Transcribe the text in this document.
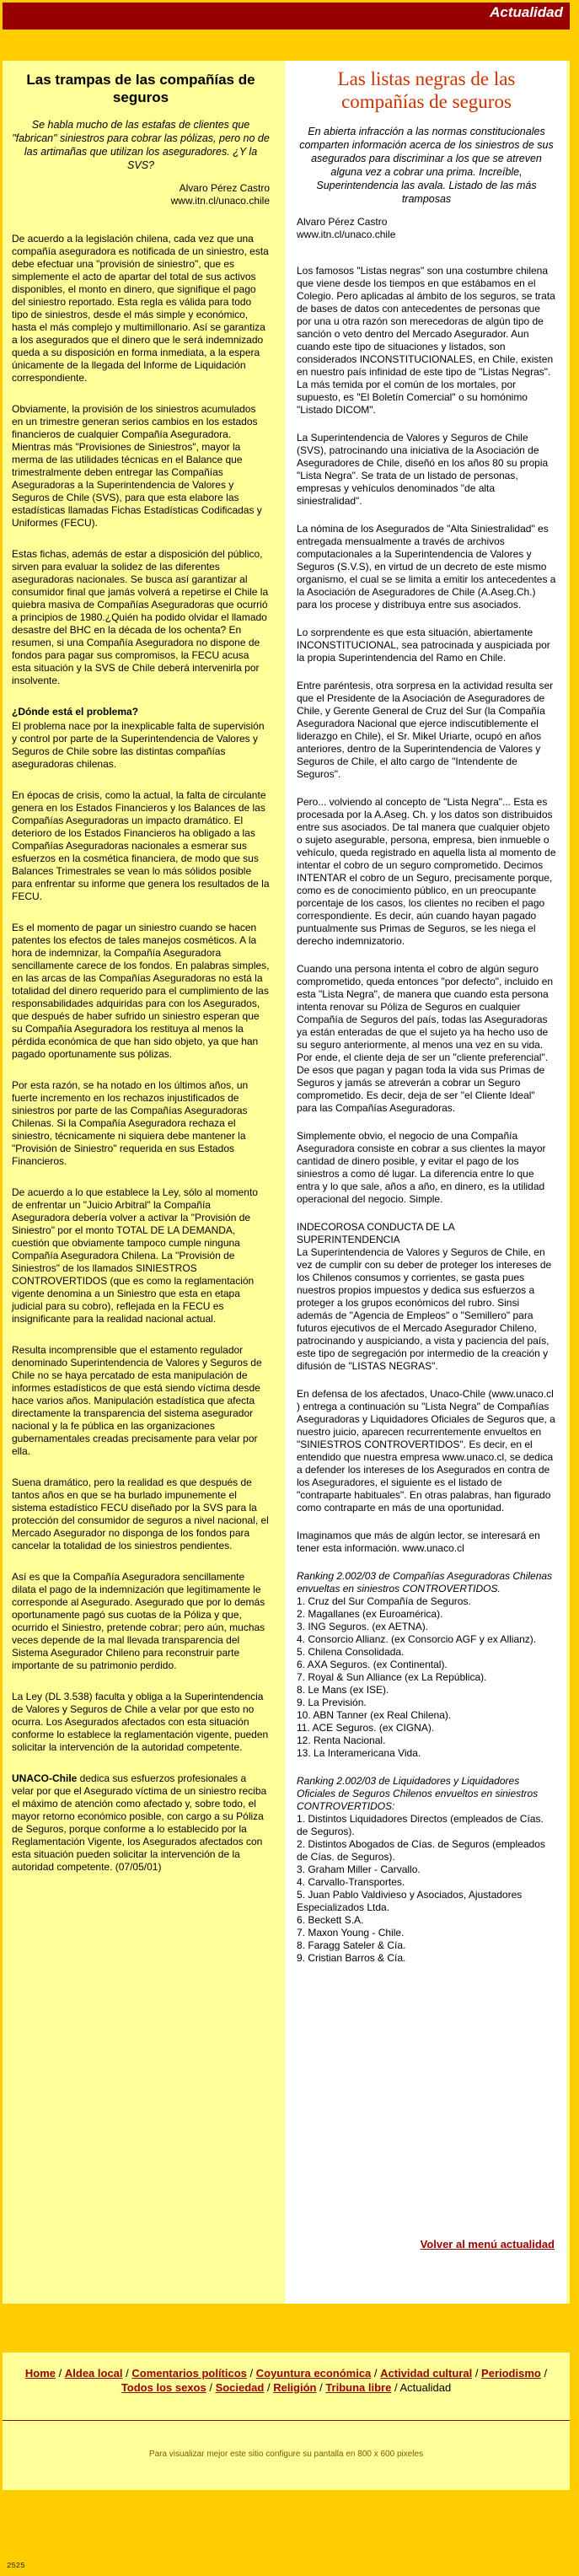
Actualidad
Las trampas de las compañías de seguros
Se habla mucho de las estafas de clientes que "fabrican" siniestros para cobrar las pólizas, pero no de las artimañas que utilizan los aseguradores. ¿Y la SVS?
Alvaro Pérez Castro
www.itn.cl/unaco.chile

De acuerdo a la legislación chilena, cada vez que una compañía aseguradora es notificada de un siniestro, esta debe efectuar una "provisión de siniestro", que es simplemente el acto de apartar del total de sus activos disponibles, el monto en dinero, que signifique el pago del siniestro reportado. Esta regla es válida para todo tipo de siniestros, desde el más simple y económico, hasta el más complejo y multimillonario. Así se garantiza a los asegurados que el dinero que le será indemnizado queda a su disposición en forma inmediata, a la espera únicamente de la llegada del Informe de Liquidación correspondiente.

Obviamente, la provisión de los siniestros acumulados en un trimestre generan serios cambios en los estados financieros de cualquier Compañía Aseguradora. Mientras más "Provisiones de Siniestros", mayor la merma de las utilidades técnicas en el Balance que trimestralmente deben entregar las Compañías Aseguradoras a la Superintendencia de Valores y Seguros de Chile (SVS), para que esta elabore las estadísticas llamadas Fichas Estadísticas Codificadas y Uniformes (FECU).

Estas fichas, además de estar a disposición del público, sirven para evaluar la solidez de las diferentes aseguradoras nacionales. Se busca así garantizar al consumidor final que jamás volverá a repetirse el Chile la quiebra masiva de Compañías Aseguradoras que ocurrió a principios de 1980.¿Quién ha podido olvidar el llamado desastre del BHC en la década de los ochenta? En resumen, si una Compañía Aseguradora no dispone de fondos para pagar sus compromisos, la FECU acusa esta situación y la SVS de Chile deberá intervenirla por insolvente.

¿Dónde está el problema?

El problema nace por la inexplicable falta de supervisión y control por parte de la Superintendencia de Valores y Seguros de Chile sobre las distintas compañías aseguradoras chilenas.

En épocas de crisis, como la actual, la falta de circulante genera en los Estados Financieros y los Balances de las Compañías Aseguradoras un impacto dramático. El deterioro de los Estados Financieros ha obligado a las Compañías Aseguradoras nacionales a esmerar sus esfuerzos en la cosmética financiera, de modo que sus Balances Trimestrales se vean lo más sólidos posible para enfrentar su informe que genera los resultados de la FECU.

Es el momento de pagar un siniestro cuando se hacen patentes los efectos de tales manejos cosméticos. A la hora de indemnizar, la Compañía Aseguradora sencillamente carece de los fondos. En palabras simples, en las arcas de las Compañías Aseguradoras no está la totalidad del dinero requerido para el cumplimiento de las responsabilidades adquiridas para con los Asegurados, que después de haber sufrido un siniestro esperan que su Compañía Aseguradora los restituya al menos la pérdida económica de que han sido objeto, ya que han pagado oportunamente sus pólizas.

Por esta razón, se ha notado en los últimos años, un fuerte incremento en los rechazos injustificados de siniestros por parte de las Compañías Aseguradoras Chilenas. Si la Compañía Aseguradora rechaza el siniestro, técnicamente ni siquiera debe mantener la "Provisión de Siniestro" requerida en sus Estados Financieros.

De acuerdo a lo que establece la Ley, sólo al momento de enfrentar un "Juicio Arbitral" la Compañía Aseguradora debería volver a activar la "Provisión de Siniestro" por el monto TOTAL DE LA DEMANDA, cuestión que obviamente tampoco cumple ninguna Compañía Aseguradora Chilena. La "Provisión de Siniestros" de los llamados SINIESTROS CONTROVERTIDOS (que es como la reglamentación vigente denomina a un Siniestro que esta en etapa judicial para su cobro), reflejada en la FECU es insignificante para la realidad nacional actual.

Resulta incomprensible que el estamento regulador denominado Superintendencia de Valores y Seguros de Chile no se haya percatado de esta manipulación de informes estadísticos de que está siendo víctima desde hace varios años. Manipulación estadística que afecta directamente la transparencia del sistema asegurador nacional y la fe pública en las organizaciones gubernamentales creadas precisamente para velar por ella.

Suena dramático, pero la realidad es que después de tantos años en que se ha burlado impunemente el sistema estadístico FECU diseñado por la SVS para la protección del consumidor de seguros a nivel nacional, el Mercado Asegurador no disponga de los fondos para cancelar la totalidad de los siniestros pendientes.

Así es que la Compañía Aseguradora sencillamente dilata el pago de la indemnización que legítimamente le corresponde al Asegurado. Asegurado que por lo demás oportunamente pagó sus cuotas de la Póliza y que, ocurrido el Siniestro, pretende cobrar; pero aún, muchas veces depende de la mal llevada transparencia del Sistema Asegurador Chileno para reconstruir parte importante de su patrimonio perdido.

La Ley (DL 3.538) faculta y obliga a la Superintendencia de Valores y Seguros de Chile a velar por que esto no ocurra. Los Asegurados afectados con esta situación conforme lo establece la reglamentación vigente, pueden solicitar la intervención de la autoridad competente.

UNACO-Chile dedica sus esfuerzos profesionales a velar por que el Asegurado víctima de un siniestro reciba el máximo de atención como afectado y, sobre todo, el mayor retorno económico posible, con cargo a su Póliza de Seguros, porque conforme a lo establecido por la Reglamentación Vigente, los Asegurados afectados con esta situación pueden solicitar la intervención de la autoridad competente. (07/05/01)

Las listas negras de las compañías de seguros
En abierta infracción a las normas constitucionales comparten información acerca de los siniestros de sus asegurados para discriminar a los que se atreven alguna vez a cobrar una prima. Increíble, Superintendencia las avala. Listado de las más tramposas
Alvaro Pérez Castro
www.itn.cl/unaco.chile

Los famosos "Listas negras" son una costumbre chilena que viene desde los tiempos en que estábamos en el Colegio. Pero aplicadas al ámbito de los seguros, se trata de bases de datos con antecedentes de personas que por una u otra razón son merecedoras de algún tipo de sanción o veto dentro del Mercado Asegurador. Aun cuando este tipo de situaciones y listados, son considerados INCONSTITUCIONALES, en Chile, existen en nuestro país infinidad de este tipo de "Listas Negras". La más temida por el común de los mortales, por supuesto, es "El Boletín Comercial" o su homónimo "Listado DICOM".

La Superintendencia de Valores y Seguros de Chile (SVS), patrocinando una iniciativa de la Asociación de Aseguradores de Chile, diseñó en los años 80 su propia "Lista Negra". Se trata de un listado de personas, empresas y vehículos denominados "de alta siniestralidad".

La nómina de los Asegurados de "Alta Siniestralidad" es entregada mensualmente a través de archivos computacionales a la Superintendencia de Valores y Seguros (S.V.S), en virtud de un decreto de este mismo organismo, el cual se se limita a emitir los antecedentes a la Asociación de Aseguradores de Chile (A.Aseg.Ch.) para los procese y distribuya entre sus asociados.

Lo sorprendente es que esta situación, abiertamente INCONSTITUCIONAL, sea patrocinada y auspiciada por la propia Superintendencia del Ramo en Chile.

Entre paréntesis, otra sorpresa en la actividad resulta ser que el Presidente de la Asociación de Aseguradores de Chile, y Gerente General de Cruz del Sur (la Compañía Aseguradora Nacional que ejerce indiscutiblemente el liderazgo en Chile), el Sr. Mikel Uriarte, ocupó en años anteriores, dentro de la Superintendencia de Valores y Seguros de Chile, el alto cargo de "Intendente de Seguros".

Pero... volviendo al concepto de "Lista Negra"... Esta es procesada por la A.Aseg. Ch. y los datos son distribuidos entre sus asociados. De tal manera que cualquier objeto o sujeto asegurable, persona, empresa, bien inmueble o vehículo, queda registrado en aquella lista al momento de intentar el cobro de un seguro comprometido. Decimos INTENTAR el cobro de un Seguro, precisamente porque, como es de conocimiento público, en un preocupante porcentaje de los casos, los clientes no reciben el pago correspondiente. Es decir, aún cuando hayan pagado puntualmente sus Primas de Seguros, se les niega el derecho indemnizatorio.

Cuando una persona intenta el cobro de algún seguro comprometido, queda entonces "por defecto", incluido en esta "Lista Negra", de manera que cuando esta persona intenta renovar su Póliza de Seguros en cualquier Compañía de Seguros del país, todas las Aseguradoras ya están enteradas de que el sujeto ya ha hecho uso de su seguro anteriormente, al menos una vez en su vida. Por ende, el cliente deja de ser un "cliente preferencial". De esos que pagan y pagan toda la vida sus Primas de Seguros y jamás se atreverán a cobrar un Seguro comprometido. Es decir, deja de ser "el Cliente Ideal" para las Compañías Aseguradoras.

Simplemente obvio, el negocio de una Compañía Aseguradora consiste en cobrar a sus clientes la mayor cantidad de dinero posible, y evitar el pago de los siniestros a como dé lugar. La diferencia entre lo que entra y lo que sale, años a año, en dinero, es la utilidad operacional del negocio. Simple.

INDECOROSA CONDUCTA DE LA SUPERINTENDENCIA
La Superintendencia de Valores y Seguros de Chile, en vez de cumplir con su deber de proteger los intereses de los Chilenos consumos y corrientes, se gasta pues nuestros propios impuestos y dedica sus esfuerzos a proteger a los grupos económicos del rubro. Sinsi además de "Agencia de Empleos" o "Semillero" para futuros ejecutivos de el Mercado Asegurador Chileno, patrocinando y auspiciando, a vista y paciencia del país, este tipo de segregación por intermedio de la creación y difusión de "LISTAS NEGRAS".

En defensa de los afectados, Unaco-Chile (www.unaco.cl ) entrega a continuación su "Lista Negra" de Compañías Aseguradoras y Liquidadores Oficiales de Seguros que, a nuestro juicio, aparecen recurrentemente envueltos en "SINIESTROS CONTROVERTIDOS". Es decir, en el entendido que nuestra empresa www.unaco.cl, se dedica a defender los intereses de los Asegurados en contra de los Aseguradores, el siguiente es el listado de "contraparte habituales". En otras palabras, han figurado como contraparte en más de una oportunidad.

Imaginamos que más de algún lector, se interesará en tener esta información. www.unaco.cl

Ranking 2.002/03 de Compañías Aseguradoras Chilenas envueltas en siniestros CONTROVERTIDOS.
1. Cruz del Sur Compañía de Seguros.
2. Magallanes (ex Euroamérica).
3. ING Seguros. (ex AETNA).
4. Consorcio Allianz. (ex Consorcio AGF y ex Allianz).
5. Chilena Consolidada.
6. AXA Seguros. (ex Continental).
7. Royal & Sun Alliance (ex La República).
8. Le Mans (ex ISE).
9. La Previsión.
10. ABN Tanner (ex Real Chilena).
11. ACE Seguros. (ex CIGNA).
12. Renta Nacional.
13. La Interamericana Vida.
Ranking 2.002/03 de Liquidadores y Liquidadores Oficiales de Seguros Chilenos envueltos en siniestros CONTROVERTIDOS:
1. Distintos Liquidadores Directos (empleados de Cías. de Seguros).
2. Distintos Abogados de Cías. de Seguros (empleados de Cías. de Seguros).
3. Graham Miller - Carvallo.
4. Carvallo-Transportes.
5. Juan Pablo Valdivieso y Asociados, Ajustadores Especializados Ltda.
6. Beckett S.A.
7. Maxon Young - Chile.
8. Faragg Sateler & Cía.
9. Cristian Barros & Cía.
Volver al menú actualidad
Home / Aldea local / Comentarios políticos / Coyuntura económica / Actividad cultural / Periodismo / Todos los sexos / Sociedad / Religión / Tribuna libre / Actualidad
Para visualizar mejor este sitio configure su pantalla en 800 x 600 pixeles
2525
